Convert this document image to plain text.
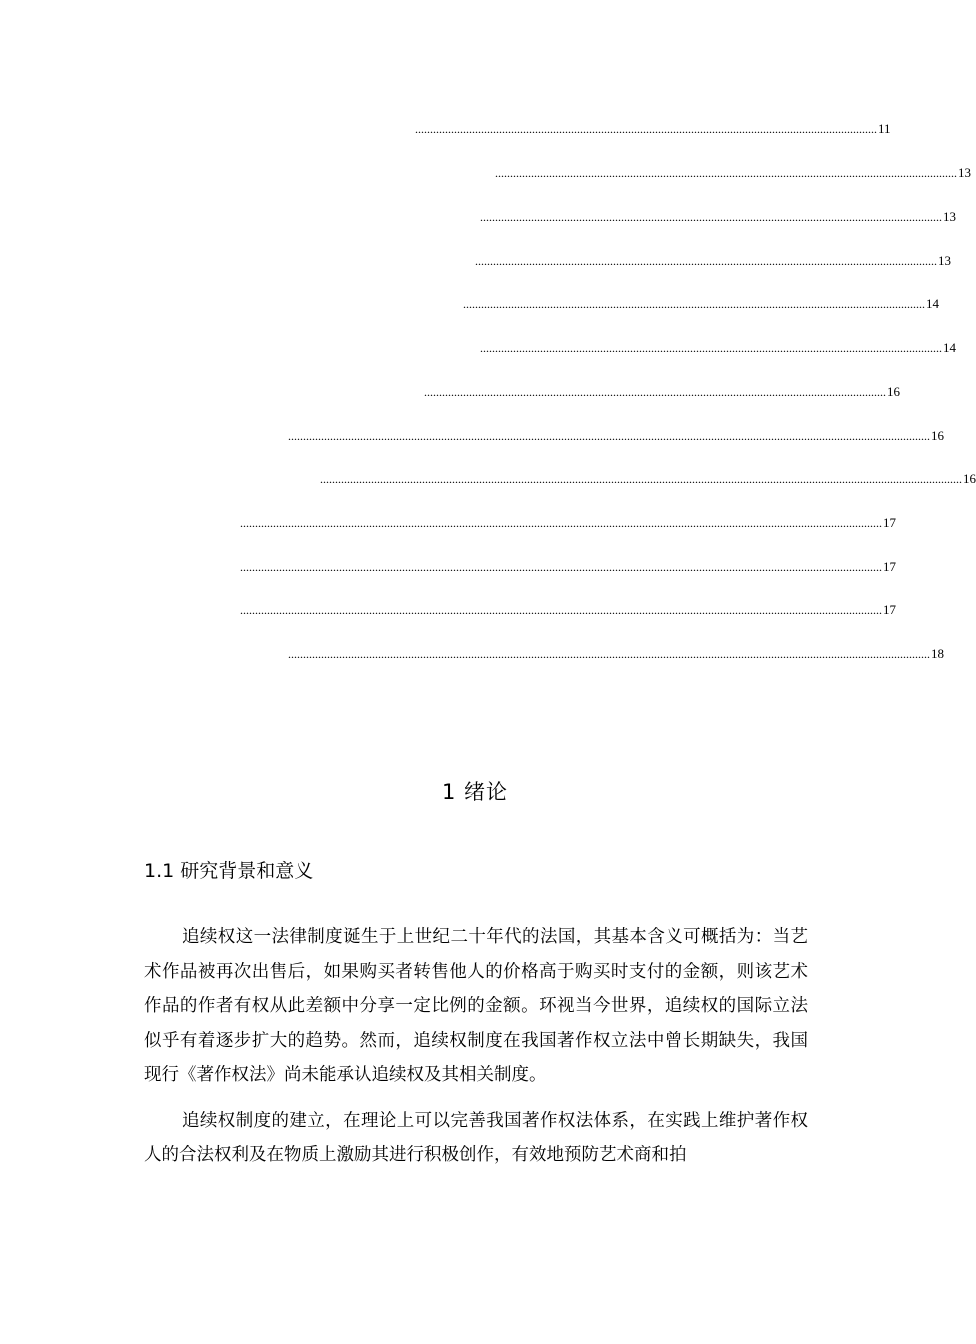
.......................................................................................................................................................... 11
.......................................................................................................................................................... 13
.......................................................................................................................................................... 13
.......................................................................................................................................................... 13
.......................................................................................................................................................... 14
.......................................................................................................................................................... 14
.......................................................................................................................................................... 16
...................................................................................................................................................................................................................... 16
...................................................................................................................................................................................................................... 16
...................................................................................................................................................................................................................... 17
...................................................................................................................................................................................................................... 17
...................................................................................................................................................................................................................... 17
...................................................................................................................................................................................................................... 18
1 绪论
1.1 研究背景和意义

追续权这一法律制度诞生于上世纪二十年代的法国，其基本含义可概括为：当艺术作品被再次出售后，如果购买者转售他人的价格高于购买时支付的金额，则该艺术作品的作者有权从此差额中分享一定比例的金额。环视当今世界，追续权的国际立法似乎有着逐步扩大的趋势。然而，追续权制度在我国著作权立法中曾长期缺失，我国现行《著作权法》尚未能承认追续权及其相关制度。

追续权制度的建立，在理论上可以完善我国著作权法体系，在实践上维护著作权人的合法权利及在物质上激励其进行积极创作，有效地预防艺术商和拍
